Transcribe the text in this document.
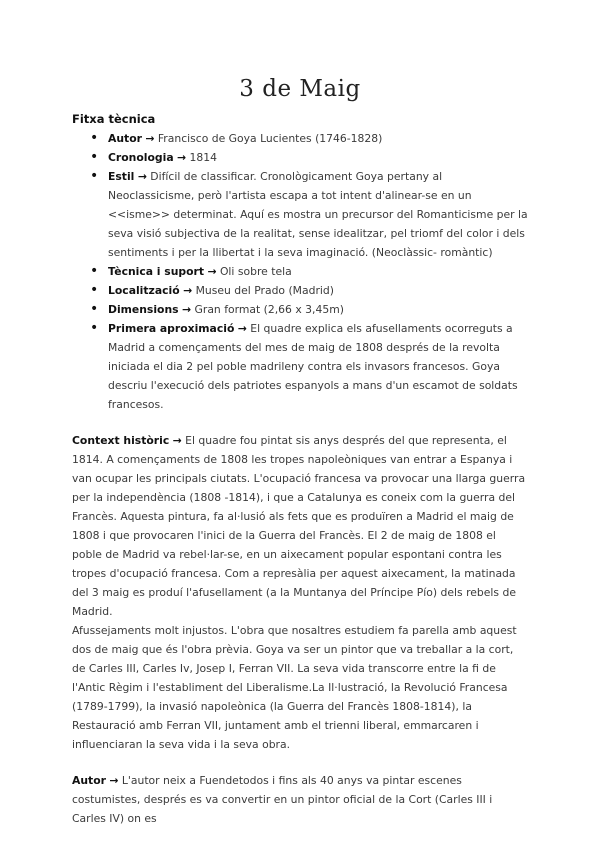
3 de Maig
Fitxa tècnica
• Autor → Francisco de Goya Lucientes (1746-1828)
• Cronologia → 1814
• Estil → Difícil de classificar. Cronològicament Goya pertany al Neoclassicisme, però l'artista escapa a tot intent d'alinear-se en un <<isme>> determinat. Aquí es mostra un precursor del Romanticisme per la seva visió subjectiva de la realitat, sense idealitzar, pel triomf del color i dels sentiments i per la llibertat i la seva imaginació. (Neoclàssic- romàntic)
• Tècnica i suport → Oli sobre tela
• Localització → Museu del Prado (Madrid)
• Dimensions → Gran format (2,66 x 3,45m)
• Primera aproximació → El quadre explica els afusellaments ocorreguts a Madrid a començaments del mes de maig de 1808 després de la revolta iniciada el dia 2 pel poble madrileny contra els invasors francesos. Goya descriu l'execució dels patriotes espanyols a mans d'un escamot de soldats francesos.

Context històric → El quadre fou pintat sis anys després del que representa, el 1814. A començaments de 1808 les tropes napoleòniques van entrar a Espanya i van ocupar les principals ciutats. L'ocupació francesa va provocar una llarga guerra per la independència (1808 -1814), i que a Catalunya es coneix com la guerra del Francès. Aquesta pintura, fa al·lusió als fets que es produïren a Madrid el maig de 1808 i que provocaren l'inici de la Guerra del Francès. El 2 de maig de 1808 el poble de Madrid va rebel·lar-se, en un aixecament popular espontani contra les tropes d'ocupació francesa. Com a represàlia per aquest aixecament, la matinada del 3 maig es produí l'afusellament (a la Muntanya del Príncipe Pío) dels rebels de Madrid.

Afussejaments molt injustos. L'obra que nosaltres estudiem fa parella amb aquest dos de maig que és l'obra prèvia. Goya va ser un pintor que va treballar a la cort, de Carles III, Carles Iv, Josep I, Ferran VII. La seva vida transcorre entre la fi de l'Antic Règim i l'establiment del Liberalisme.La Il·lustració, la Revolució Francesa (1789-1799), la invasió napoleònica (la Guerra del Francès 1808-1814), la Restauració amb Ferran VII, juntament amb el trienni liberal, emmarcaren i influenciaran la seva vida i la seva obra.

Autor → L'autor neix a Fuendetodos i fins als 40 anys va pintar escenes costumistes, després es va convertir en un pintor oficial de la Cort (Carles III i Carles IV) on es
